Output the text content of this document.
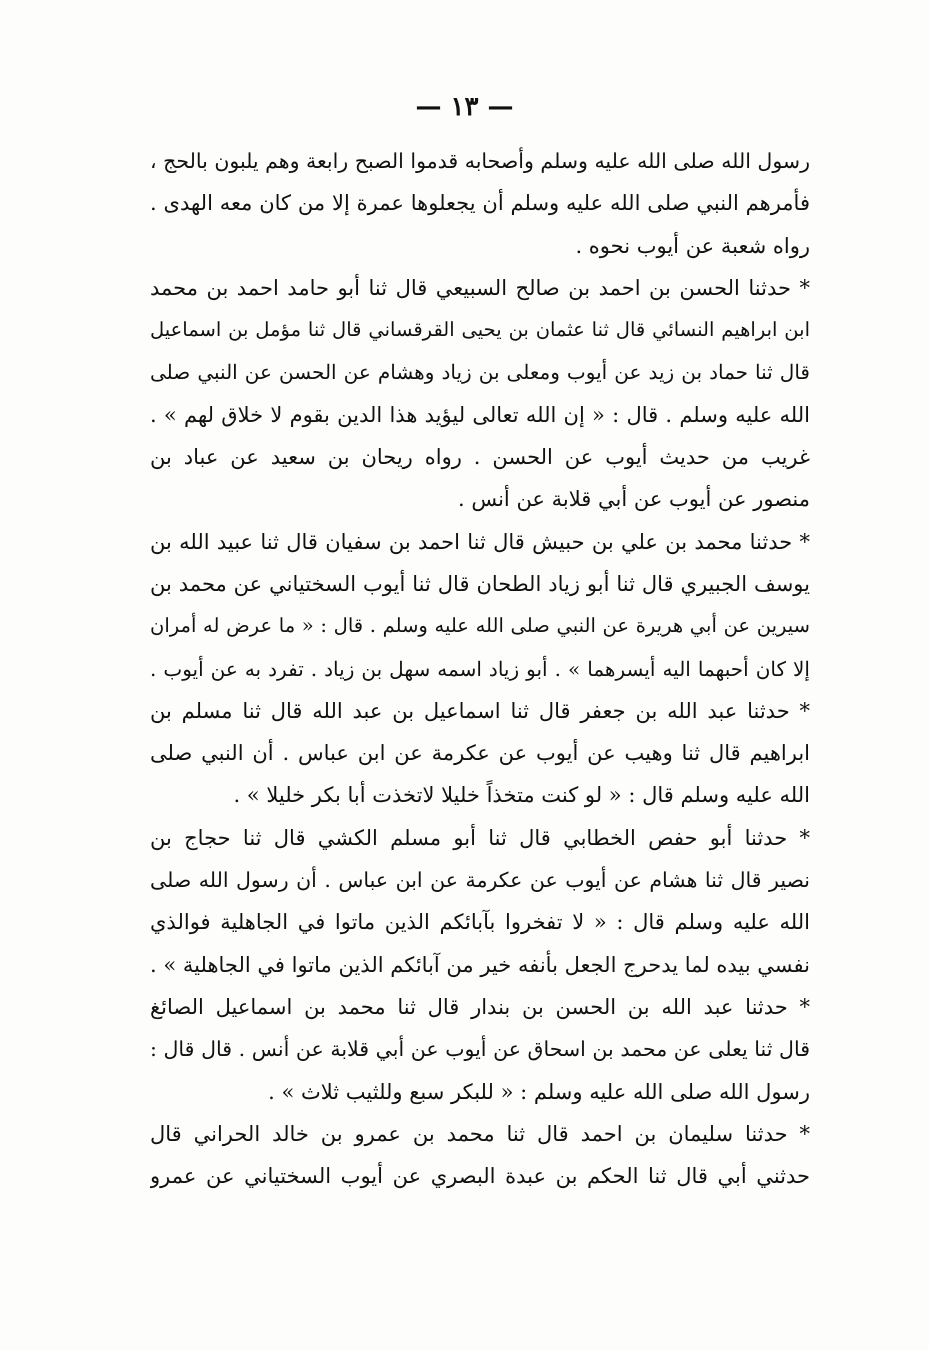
— ١٣ —
رسول الله صلى الله عليه وسلم وأصحابه قدموا الصبح رابعة وهم يلبون بالحج ،
فأمرهم النبي صلى الله عليه وسلم أن يجعلوها عمرة إلا من كان معه الهدى .
رواه شعبة عن أيوب نحوه .
* حدثنا الحسن بن احمد بن صالح السبيعي قال ثنا أبو حامد احمد بن محمد
ابن ابراهيم النسائي قال ثنا عثمان بن يحيى القرقساني قال ثنا مؤمل بن اسماعيل
قال ثنا حماد بن زيد عن أيوب ومعلى بن زياد وهشام عن الحسن عن النبي صلى
الله عليه وسلم . قال : « إن الله تعالى ليؤيد هذا الدين بقوم لا خلاق لهم » .
غريب من حديث أيوب عن الحسن . رواه ريحان بن سعيد عن عباد بن
منصور عن أيوب عن أبي قلابة عن أنس .
* حدثنا محمد بن علي بن حبيش قال ثنا احمد بن سفيان قال ثنا عبيد الله بن
يوسف الجبيري قال ثنا أبو زياد الطحان قال ثنا أيوب السختياني عن محمد بن
سيرين عن أبي هريرة عن النبي صلى الله عليه وسلم . قال : « ما عرض له أمران
إلا كان أحبهما اليه أيسرهما » . أبو زياد اسمه سهل بن زياد . تفرد به عن أيوب .
* حدثنا عبد الله بن جعفر قال ثنا اسماعيل بن عبد الله قال ثنا مسلم بن
ابراهيم قال ثنا وهيب عن أيوب عن عكرمة عن ابن عباس . أن النبي صلى
الله عليه وسلم قال : « لو كنت متخذاً خليلا لاتخذت أبا بكر خليلا » .
* حدثنا أبو حفص الخطابي قال ثنا أبو مسلم الكشي قال ثنا حجاج بن
نصير قال ثنا هشام عن أيوب عن عكرمة عن ابن عباس . أن رسول الله صلى
الله عليه وسلم قال : « لا تفخروا بآبائكم الذين ماتوا في الجاهلية فوالذي
نفسي بيده لما يدحرج الجعل بأنفه خير من آبائكم الذين ماتوا في الجاهلية » .
* حدثنا عبد الله بن الحسن بن بندار قال ثنا محمد بن اسماعيل الصائغ
قال ثنا يعلى عن محمد بن اسحاق عن أيوب عن أبي قلابة عن أنس . قال قال :
رسول الله صلى الله عليه وسلم : « للبكر سبع وللثيب ثلاث » .
* حدثنا سليمان بن احمد قال ثنا محمد بن عمرو بن خالد الحراني قال
حدثني أبي قال ثنا الحكم بن عبدة البصري عن أيوب السختياني عن عمرو
